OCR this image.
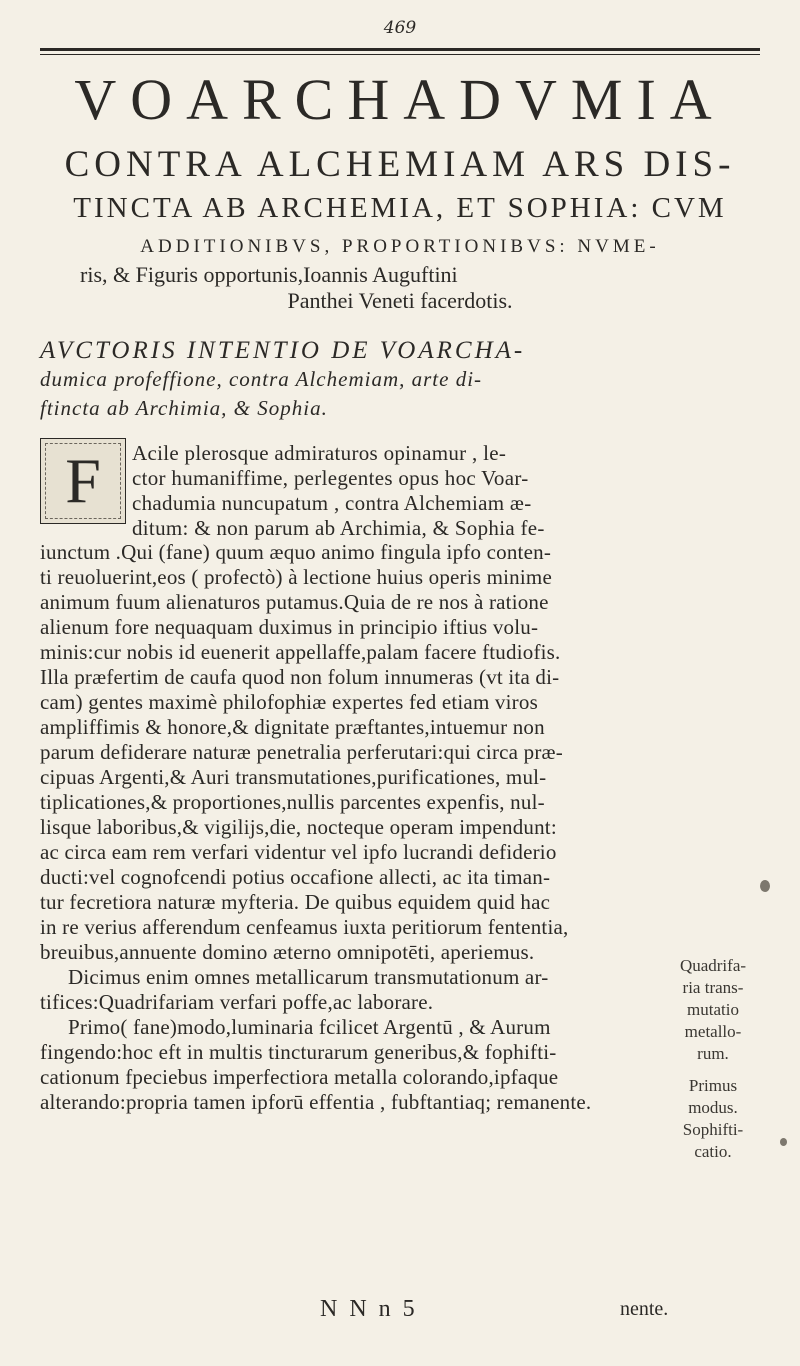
469
VOARCHADVMIA
CONTRA ALCHEMIAM ARS DIS-
TINCTA AB ARCHEMIA, ET SOPHIA: CVM
ADDITIONIBVS, PROPORTIONIBVS: NVME-
ris, & Figuris opportunis,Ioannis Auguftini
Panthei Veneti facerdotis.
AVCTORIS INTENTIO DE VOARCHA-
dumica profeffione, contra Alchemiam, arte di-
ftincta ab Archimia, & Sophia.
F Acile plerosque admiraturos opinamur , le-
ctor humaniffime, perlegentes opus hoc Voar-
chadumia nuncupatum , contra Alchemiam æ-
ditum: & non parum ab Archimia, & Sophia fe-
iunctum .Qui (fane) quum æquo animo fingula ipfo conten-
ti reuoluerint,eos ( profectò) à lectione huius operis minime
animum fuum alienaturos putamus.Quia de re nos à ratione
alienum fore nequaquam duximus in principio iftius volu-
minis:cur nobis id euenerit appellaffe,palam facere ftudiofis.
Illa præfertim de caufa quod non folum innumeras (vt ita di-
cam) gentes maximè philofophiæ expertes fed etiam viros
ampliffimis & honore,& dignitate præftantes,intuemur non
parum defiderare naturæ penetralia perferutari:qui circa præ-
cipuas Argenti,& Auri transmutationes,purificationes, mul-
tiplicationes,& proportiones,nullis parcentes expenfis, nul-
lisque laboribus,& vigilijs,die, nocteque operam impendunt:
ac circa eam rem verfari videntur vel ipfo lucrandi defiderio
ducti:vel cognofcendi potius occafione allecti, ac ita timan-
tur fecretiora naturæ myfteria. De quibus equidem quid hac
in re verius afferendum cenfeamus iuxta peritiorum fententia,
breuibus,annuente domino æterno omnipotēti, aperiemus.
Dicimus enim omnes metallicarum transmutationum ar-
tifices:Quadrifariam verfari poffe,ac laborare.
Primo( fane)modo,luminaria fcilicet Argentū , & Aurum
fingendo:hoc eft in multis tincturarum generibus,& fophifti-
cationum fpeciebus imperfectiora metalla colorando,ipfaque
alterando:propria tamen ipforū effentia , fubftantiaq; remanente.
Quadrifa-
ria trans-
mutatio
metallo-
rum.
Primus
modus.
Sophifti-
catio.
N N n 5	nente.
